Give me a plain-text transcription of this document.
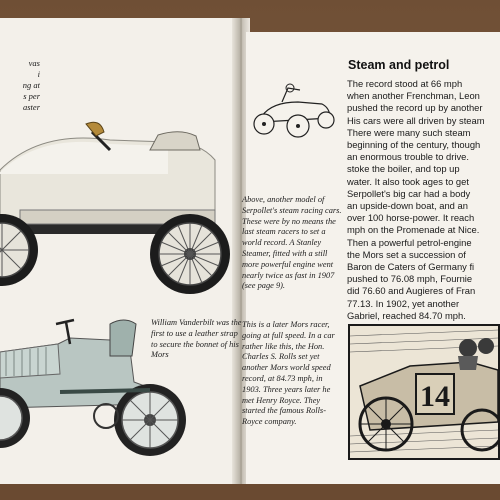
vas
i
ng at
s per
aster
Above, another model of Serpollet's steam racing cars. These were by no means the last steam racers to set a world record. A Stanley Steamer, fitted with a still more powerful engine went nearly twice as fast in 1907 (see page 9).
William Vanderbilt was the first to use a leather strap to secure the bonnet of his Mors
This is a later Mors racer, going at full speed. In a car rather like this, the Hon. Charles S. Rolls set yet another Mors world speed record, at 84.73 mph, in 1903. Three years later he met Henry Royce. They started the famous Rolls-Royce company.
Steam and petrol
The record stood at 66 mph
when another Frenchman, Leon
pushed the record up by another
His cars were all driven by steam
There were many such steam
beginning of the century, though
an enormous trouble to drive.
stoke the boiler, and top up
water. It also took ages to get
Serpollet's big car had a body
an upside-down boat, and an
over 100 horse-power. It reach
mph on the Promenade at Nice.
Then a powerful petrol-engine
the Mors set a succession of
Baron de Caters of Germany fi
pushed to 76.08 mph, Fournie
did 76.60 and Augieres of Fran
77.13. In 1902, yet another
Gabriel, reached 84.70 mph.
14
